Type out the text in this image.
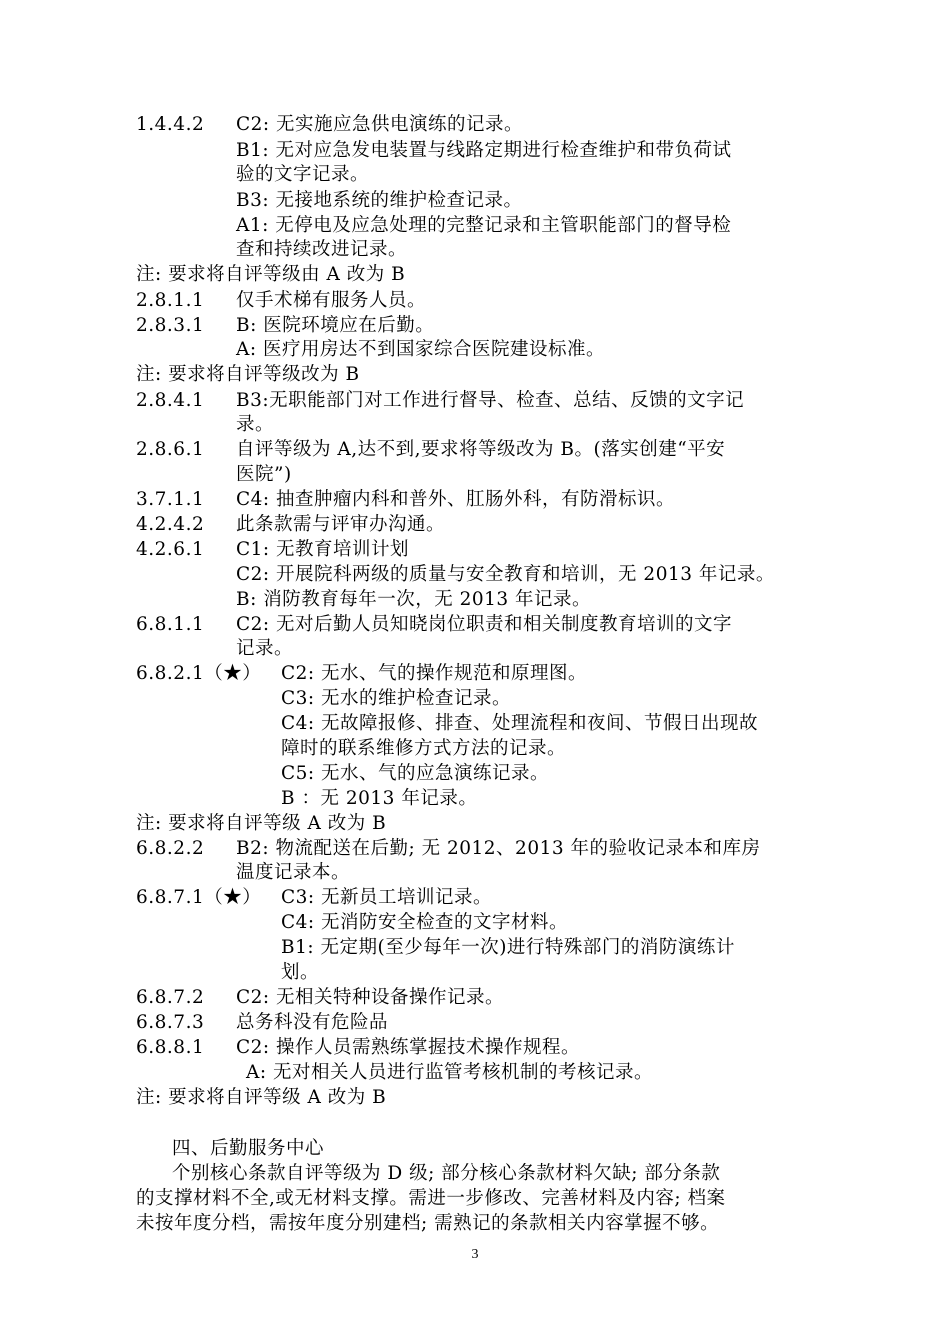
1.4.4.2 C2: 无实施应急供电演练的记录。
B1: 无对应急发电装置与线路定期进行检查维护和带负荷试
验的文字记录。
B3: 无接地系统的维护检查记录。
A1: 无停电及应急处理的完整记录和主管职能部门的督导检
查和持续改进记录。
注: 要求将自评等级由 A 改为 B
2.8.1.1 仅手术梯有服务人员。
2.8.3.1 B: 医院环境应在后勤。
A: 医疗用房达不到国家综合医院建设标准。
注: 要求将自评等级改为 B
2.8.4.1 B3:无职能部门对工作进行督导、检查、总结、反馈的文字记
录。
2.8.6.1 自评等级为 A,达不到,要求将等级改为 B。(落实创建“平安
医院”)
3.7.1.1 C4: 抽查肿瘤内科和普外、肛肠外科，有防滑标识。
4.2.4.2 此条款需与评审办沟通。
4.2.6.1 C1: 无教育培训计划
C2: 开展院科两级的质量与安全教育和培训，无 2013 年记录。
B: 消防教育每年一次，无 2013 年记录。
6.8.1.1 C2: 无对后勤人员知晓岗位职责和相关制度教育培训的文字
记录。
6.8.2.1（★） C2: 无水、气的操作规范和原理图。
C3: 无水的维护检查记录。
C4: 无故障报修、排查、处理流程和夜间、节假日出现故
障时的联系维修方式方法的记录。
C5: 无水、气的应急演练记录。
B ：无 2013 年记录。
注: 要求将自评等级 A 改为 B
6.8.2.2 B2: 物流配送在后勤; 无 2012、2013 年的验收记录本和库房
温度记录本。
6.8.7.1（★） C3: 无新员工培训记录。
C4: 无消防安全检查的文字材料。
B1: 无定期(至少每年一次)进行特殊部门的消防演练计
划。
6.8.7.2 C2: 无相关特种设备操作记录。
6.8.7.3 总务科没有危险品
6.8.8.1 C2: 操作人员需熟练掌握技术操作规程。
A: 无对相关人员进行监管考核机制的考核记录。
注: 要求将自评等级 A 改为 B
四、后勤服务中心
个别核心条款自评等级为 D 级; 部分核心条款材料欠缺; 部分条款
的支撑材料不全,或无材料支撑。需进一步修改、完善材料及内容; 档案
未按年度分档，需按年度分别建档; 需熟记的条款相关内容掌握不够。
3
